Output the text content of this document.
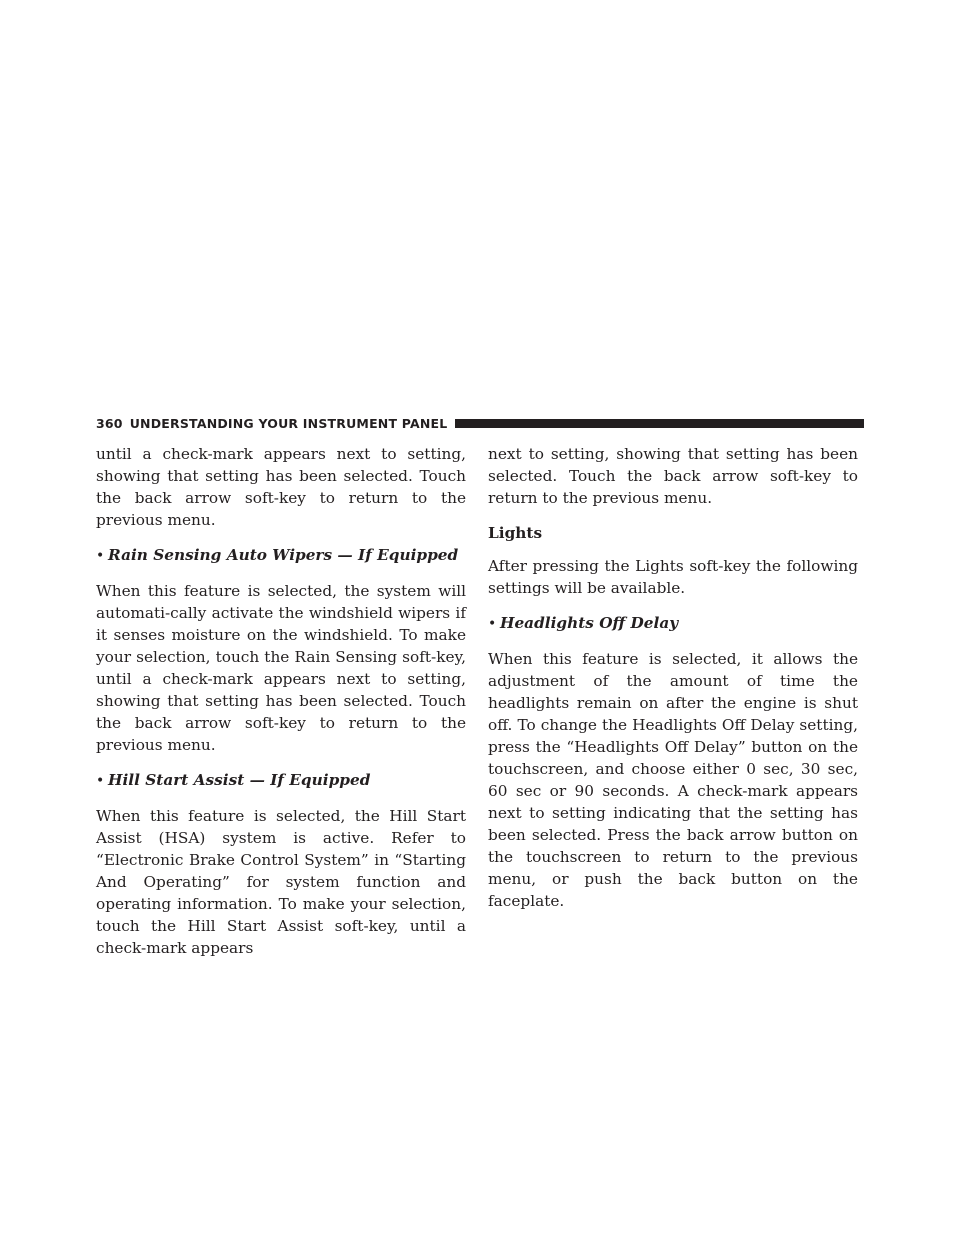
360 UNDERSTANDING YOUR INSTRUMENT PANEL

until a check-mark appears next to setting, showing that setting has been selected. Touch the back arrow soft-key to return to the previous menu.

• Rain Sensing Auto Wipers — If Equipped

When this feature is selected, the system will automati-cally activate the windshield wipers if it senses moisture on the windshield. To make your selection, touch the Rain Sensing soft-key, until a check-mark appears next to setting, showing that setting has been selected. Touch the back arrow soft-key to return to the previous menu.

• Hill Start Assist — If Equipped

When this feature is selected, the Hill Start Assist (HSA) system is active. Refer to “Electronic Brake Control System” in “Starting And Operating” for system function and operating information. To make your selection, touch the Hill Start Assist soft-key, until a check-mark appears

next to setting, showing that setting has been selected. Touch the back arrow soft-key to return to the previous menu.

Lights

After pressing the Lights soft-key the following settings will be available.

• Headlights Off Delay

When this feature is selected, it allows the adjustment of the amount of time the headlights remain on after the engine is shut off. To change the Headlights Off Delay setting, press the “Headlights Off Delay” button on the touchscreen, and choose either 0 sec, 30 sec, 60 sec or 90 seconds. A check-mark appears next to setting indicating that the setting has been selected. Press the back arrow button on the touchscreen to return to the previous menu, or push the back button on the faceplate.
